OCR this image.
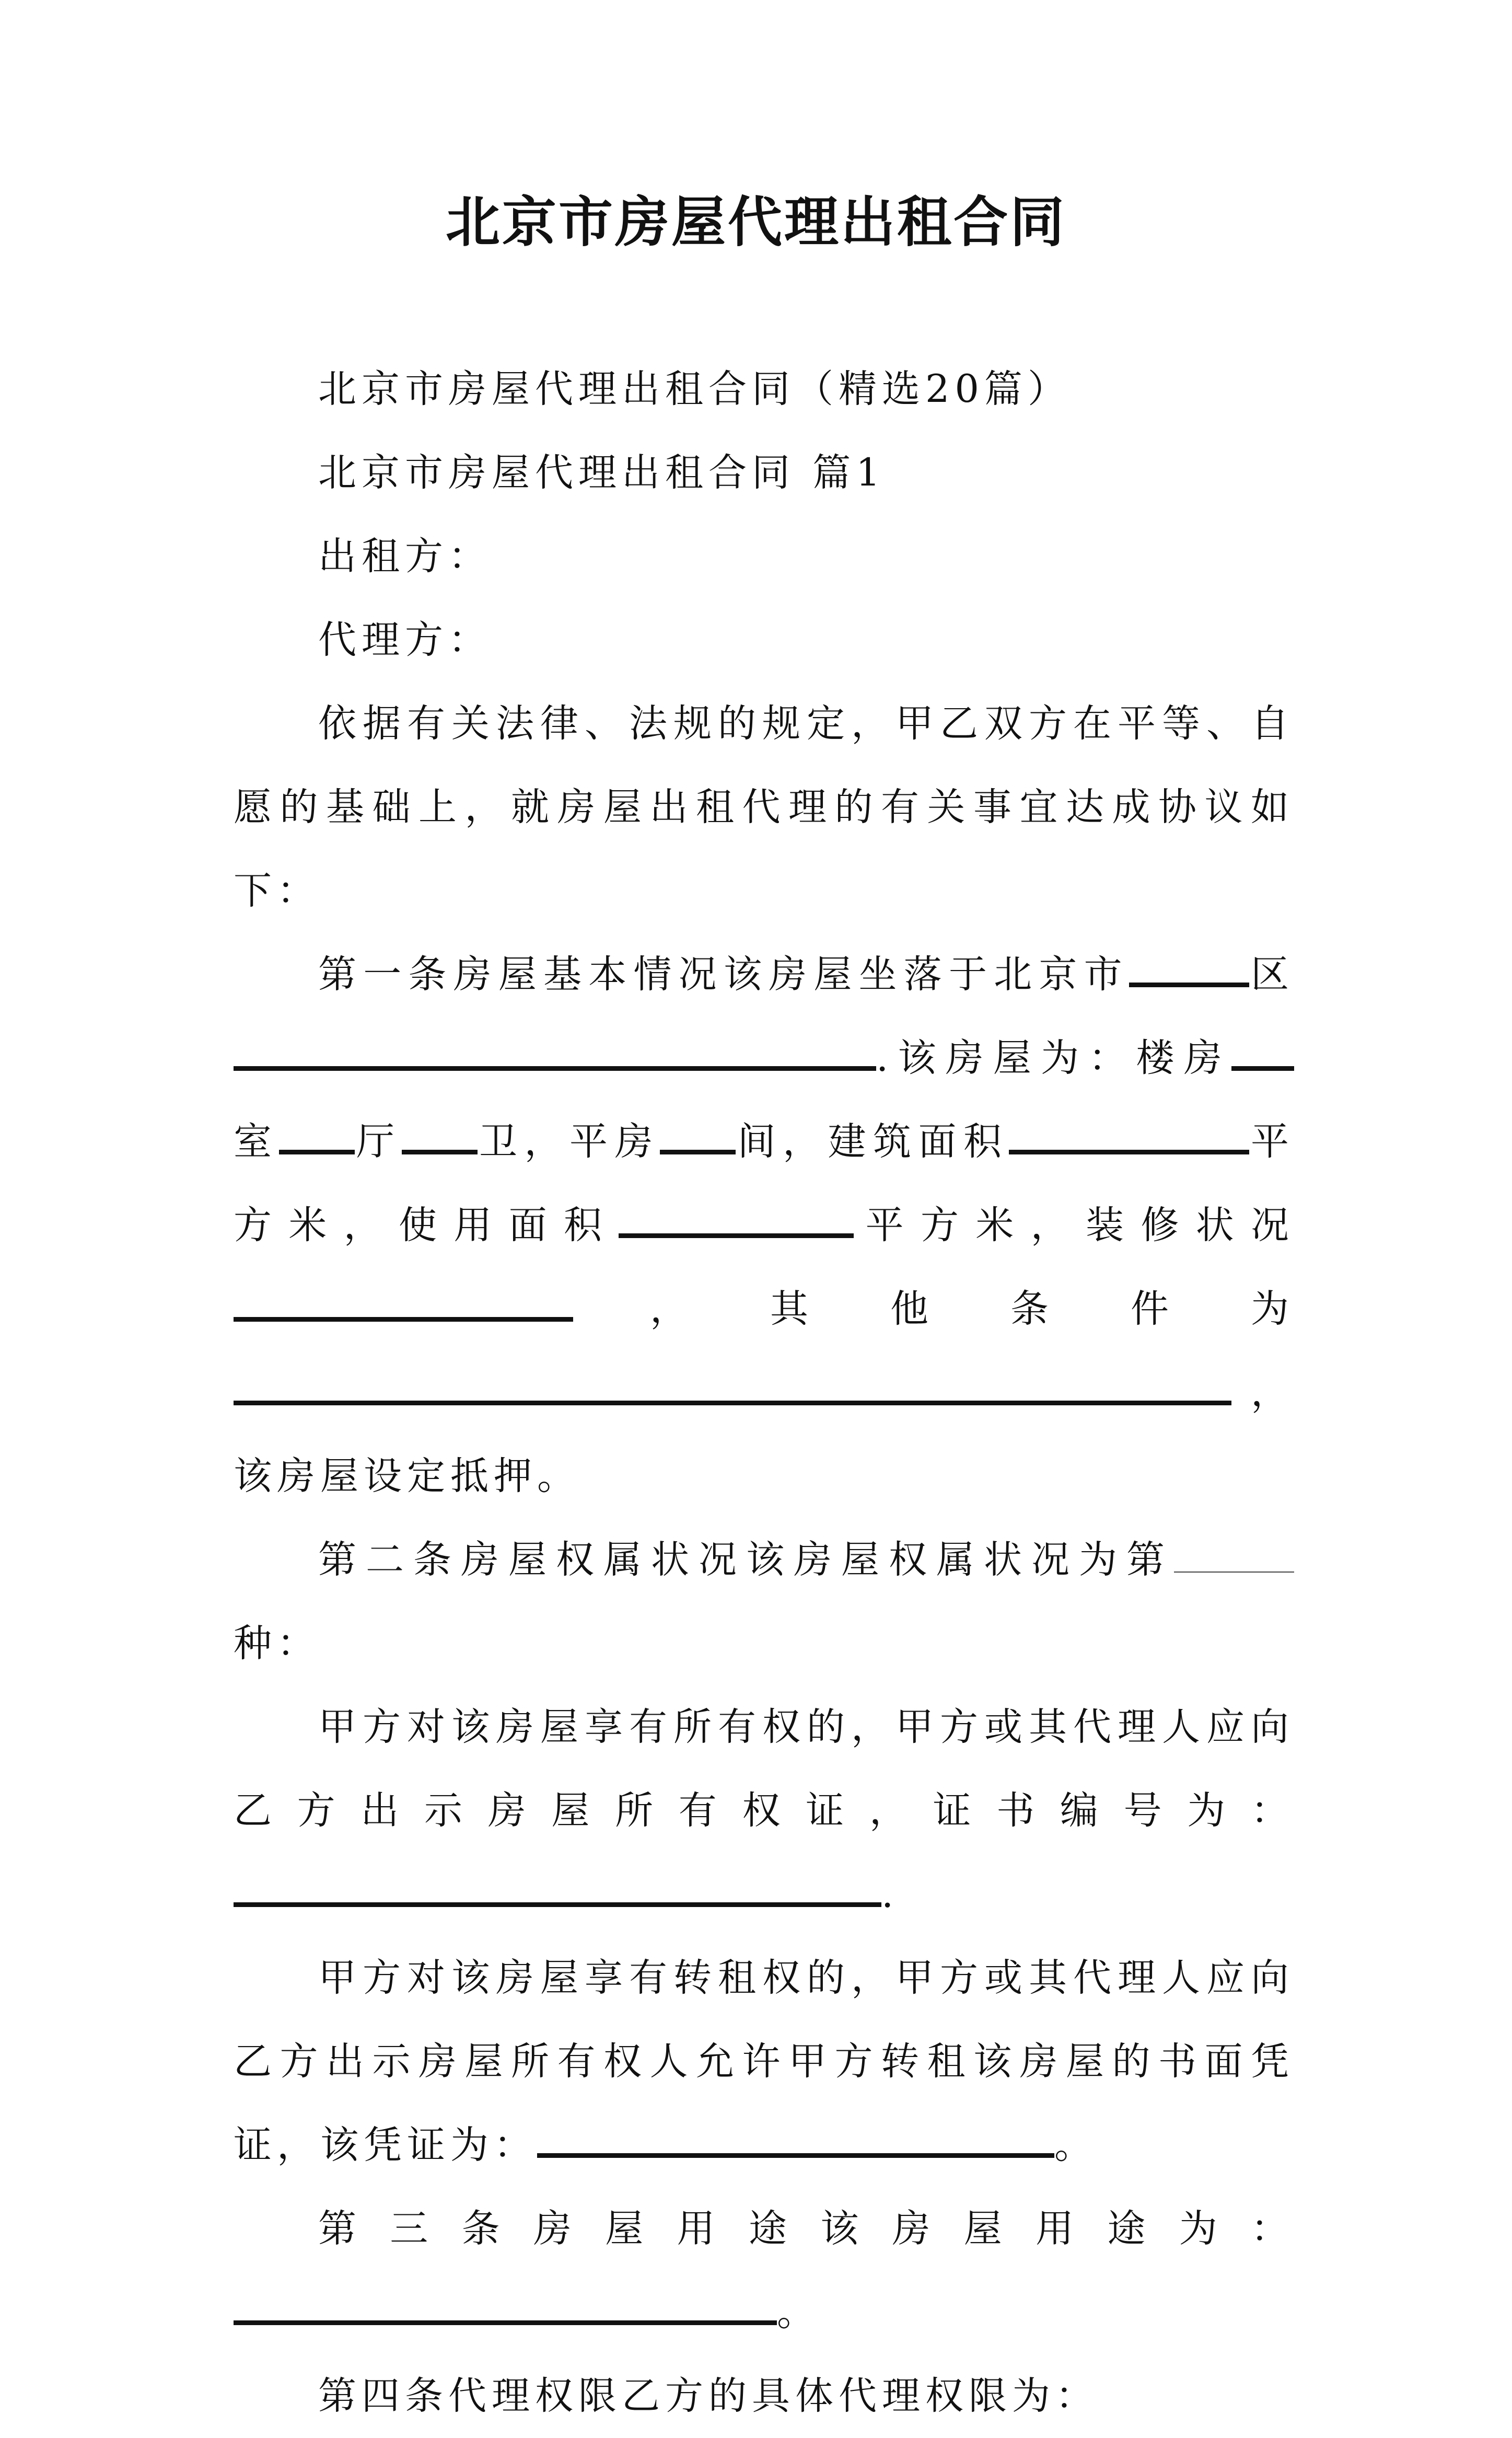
北京市房屋代理出租合同

北京市房屋代理出租合同（精选20篇）

北京市房屋代理出租合同 篇1

出租方：

代理方：

依据有关法律、法规的规定，甲乙双方在平等、自愿的基础上，就房屋出租代理的有关事宜达成协议如下：

第一条房屋基本情况该房屋坐落于北京市	区.该房屋为：楼房室 厅 卫，平房 间，建筑面积	平方米，使用面积	平方米，装修状况，其他条件为，该房屋设定抵押。

第二条房屋权属状况该房屋权属状况为第种：

甲方对该房屋享有所有权的，甲方或其代理人应向乙方出示房屋所有权证，证书编号为：.

甲方对该房屋享有转租权的，甲方或其代理人应向乙方出示房屋所有权人允许甲方转租该房屋的书面凭证，该凭证为：	。

第三条房屋用途该房屋用途为：。

第四条代理权限乙方的具体代理权限为：
